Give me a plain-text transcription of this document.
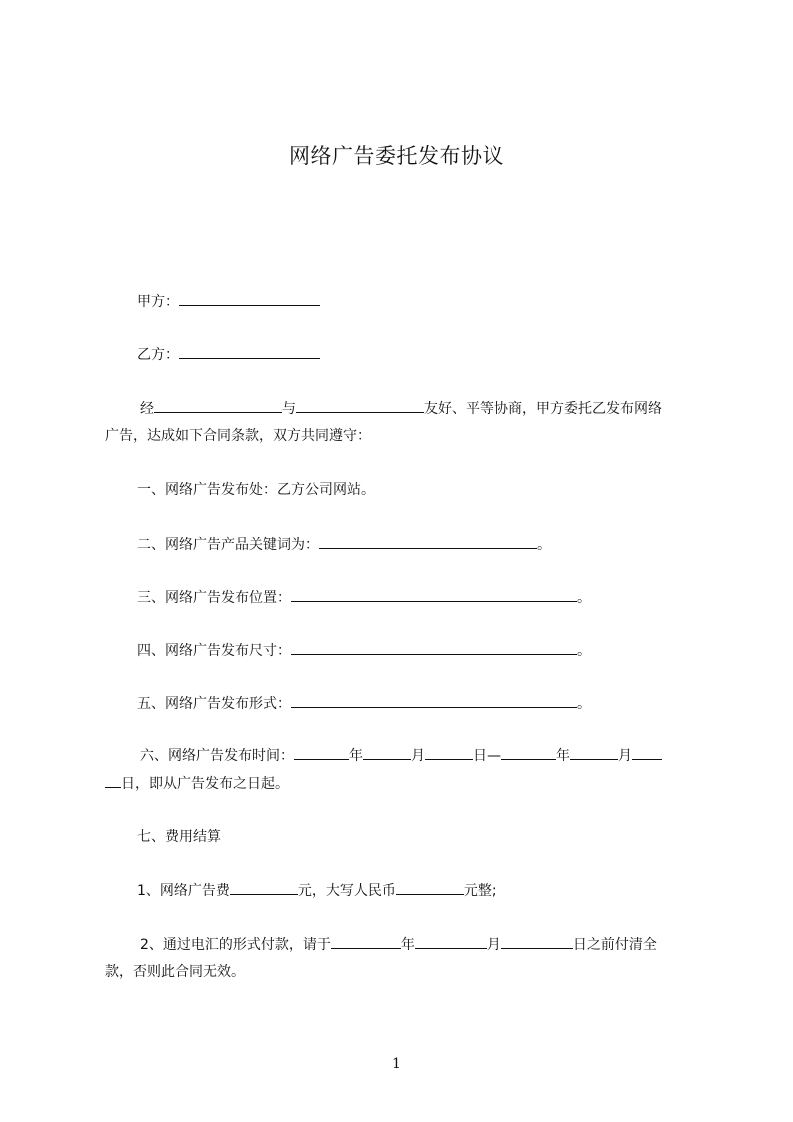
网络广告委托发布协议
甲方：
乙方：
经	与	友好、平等协商，甲方委托乙发布网络
广告，达成如下合同条款，双方共同遵守：
一、网络广告发布处：乙方公司网站。
二、网络广告产品关键词为：	。
三、网络广告发布位置：	。
四、网络广告发布尺寸：	。
五、网络广告发布形式：	。
六、网络广告发布时间：	年	月	日—	年	月
日，即从广告发布之日起。
七、费用结算
1、网络广告费	元，大写人民币	元整;
2、通过电汇的形式付款，请于	年	月	日之前付清全
款，否则此合同无效。
1
